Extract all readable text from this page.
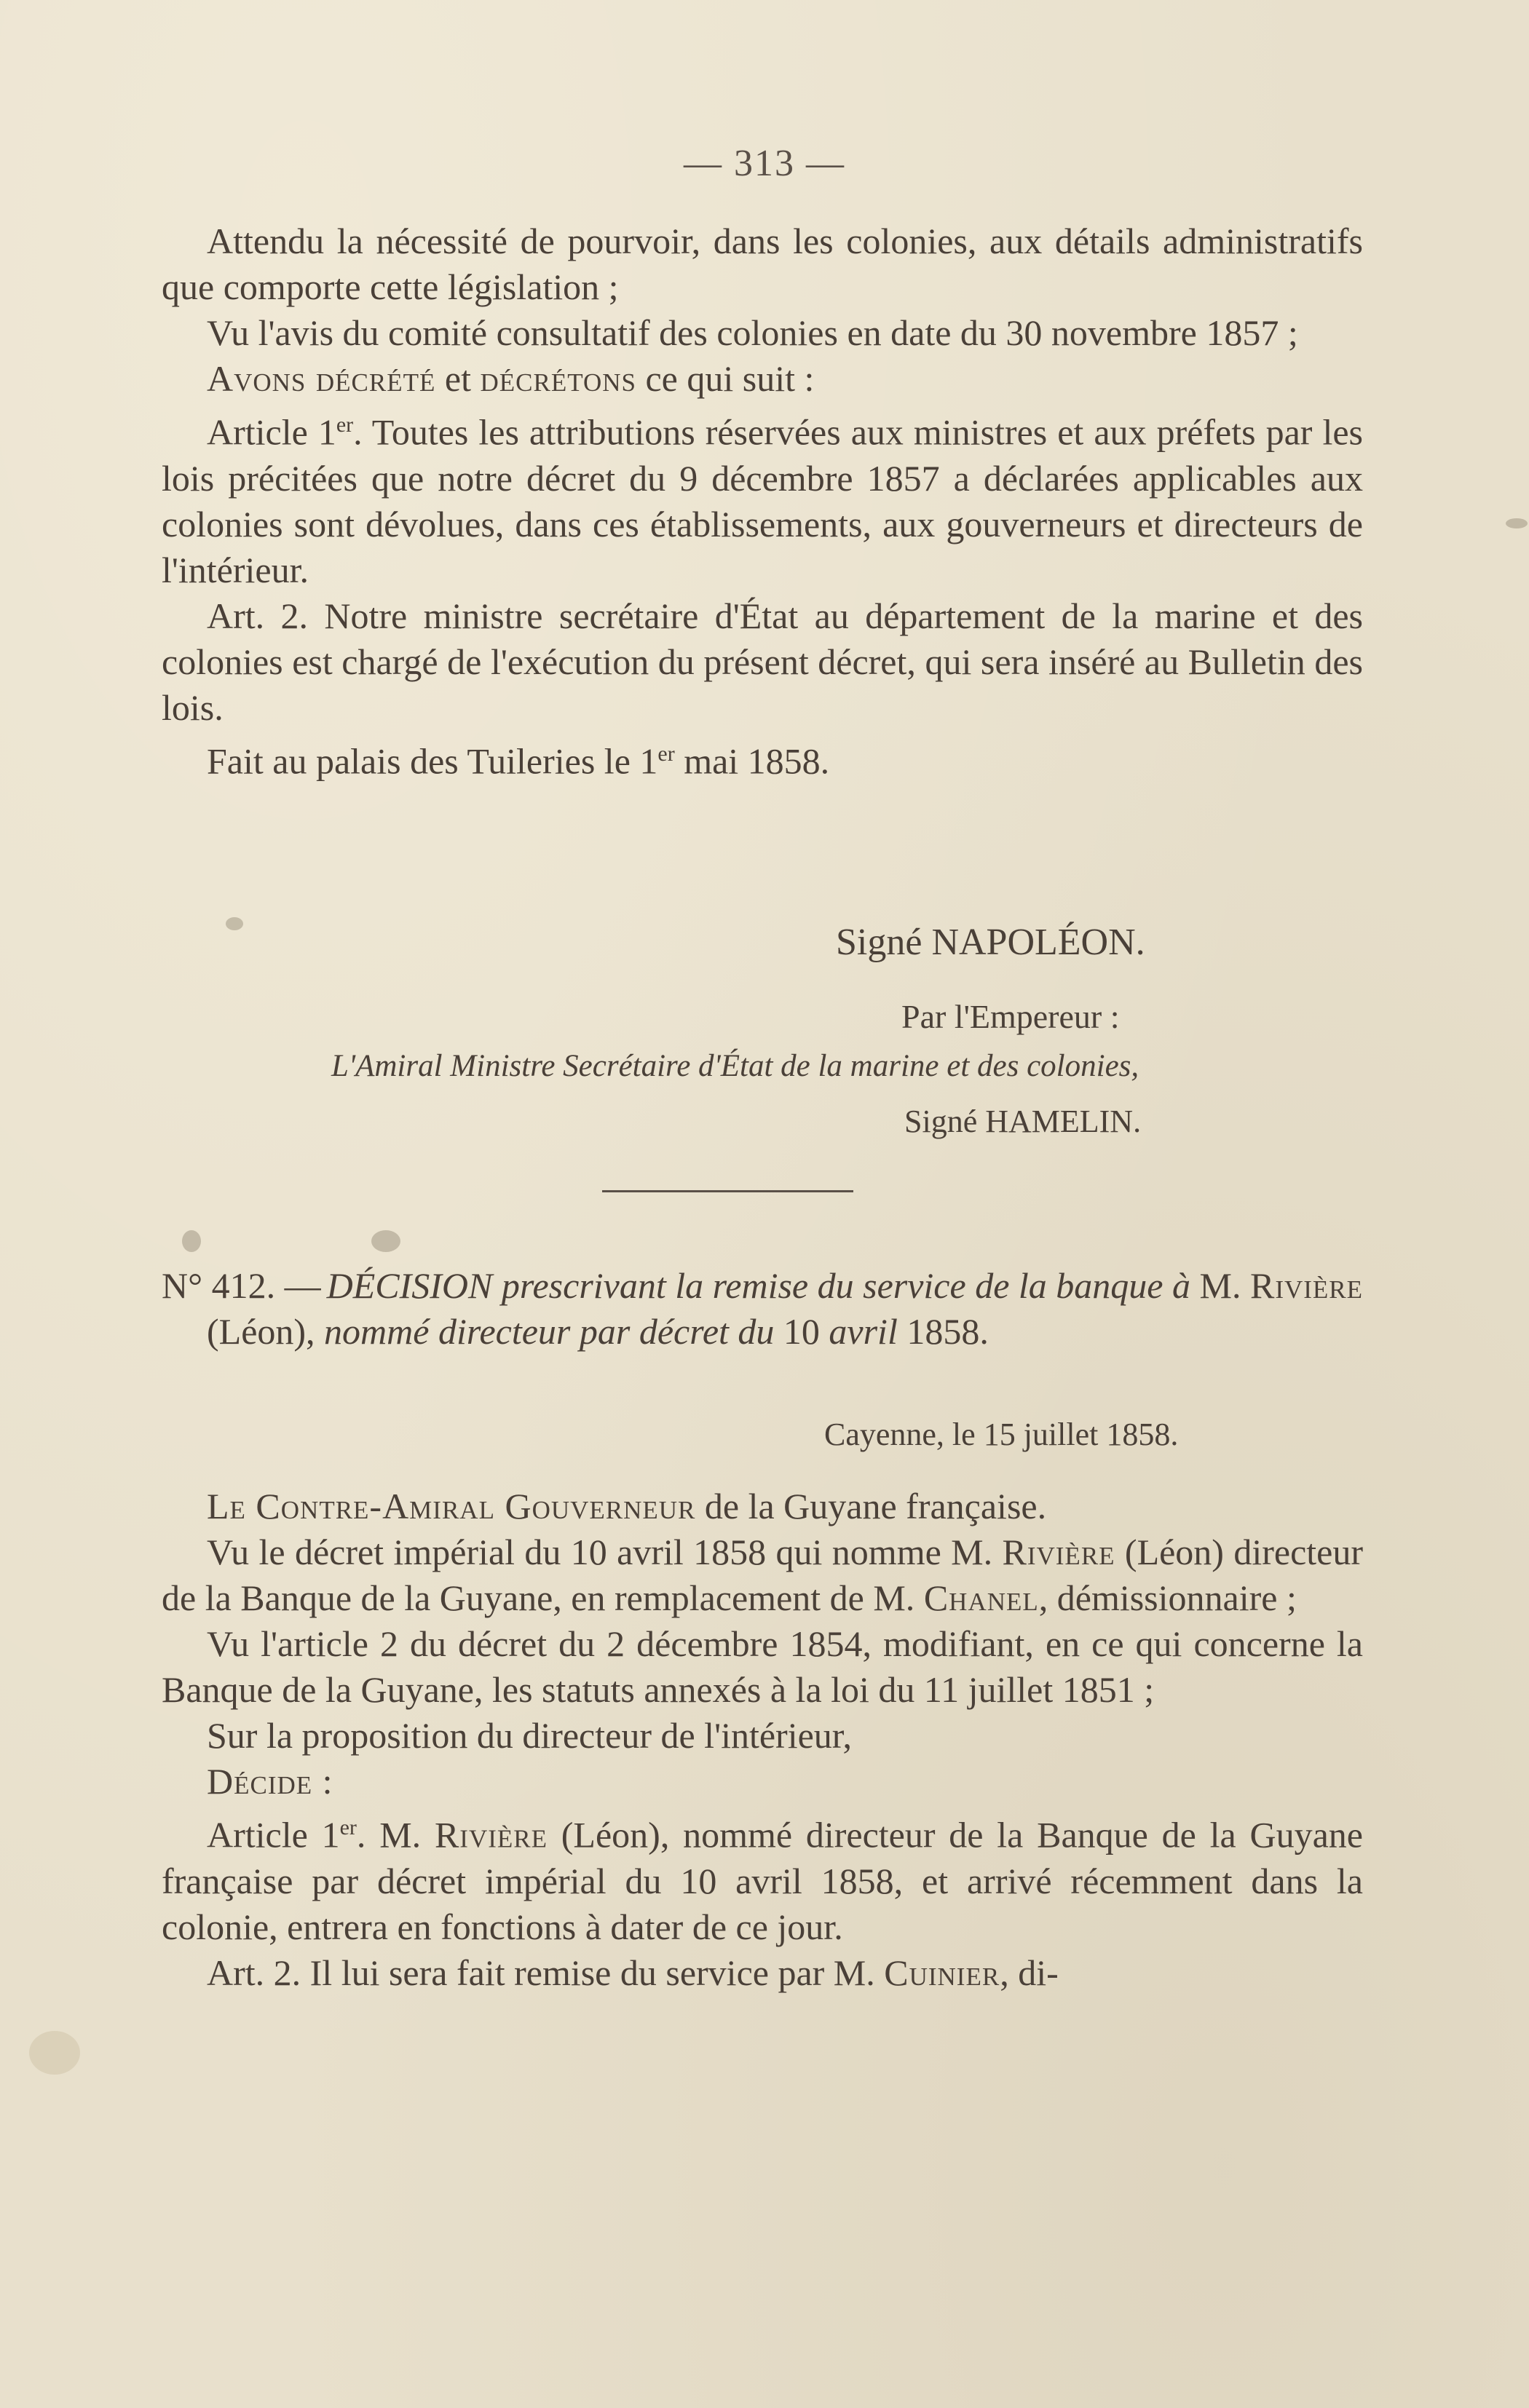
— 313 —

Attendu la nécessité de pourvoir, dans les colonies, aux détails administratifs que comporte cette législation ;

Vu l'avis du comité consultatif des colonies en date du 30 novembre 1857 ;

Avons décrété et décrétons ce qui suit :

Article 1er. Toutes les attributions réservées aux ministres et aux préfets par les lois précitées que notre décret du 9 décembre 1857 a déclarées applicables aux colonies sont dévolues, dans ces établissements, aux gouverneurs et directeurs de l'intérieur.

Art. 2. Notre ministre secrétaire d'État au département de la marine et des colonies est chargé de l'exécution du présent décret, qui sera inséré au Bulletin des lois.

Fait au palais des Tuileries le 1er mai 1858.

Signé NAPOLÉON.
Par l'Empereur :
L'Amiral Ministre Secrétaire d'État de la marine et des colonies,
Signé HAMELIN.

N° 412. — DÉCISION prescrivant la remise du service de la banque à M. Rivière (Léon), nommé directeur par décret du 10 avril 1858.

Cayenne, le 15 juillet 1858.

Le Contre-Amiral Gouverneur de la Guyane française.

Vu le décret impérial du 10 avril 1858 qui nomme M. Rivière (Léon) directeur de la Banque de la Guyane, en remplacement de M. Chanel, démissionnaire ;

Vu l'article 2 du décret du 2 décembre 1854, modifiant, en ce qui concerne la Banque de la Guyane, les statuts annexés à la loi du 11 juillet 1851 ;

Sur la proposition du directeur de l'intérieur,

Décide :

Article 1er. M. Rivière (Léon), nommé directeur de la Banque de la Guyane française par décret impérial du 10 avril 1858, et arrivé récemment dans la colonie, entrera en fonctions à dater de ce jour.

Art. 2. Il lui sera fait remise du service par M. Cuinier, di-
